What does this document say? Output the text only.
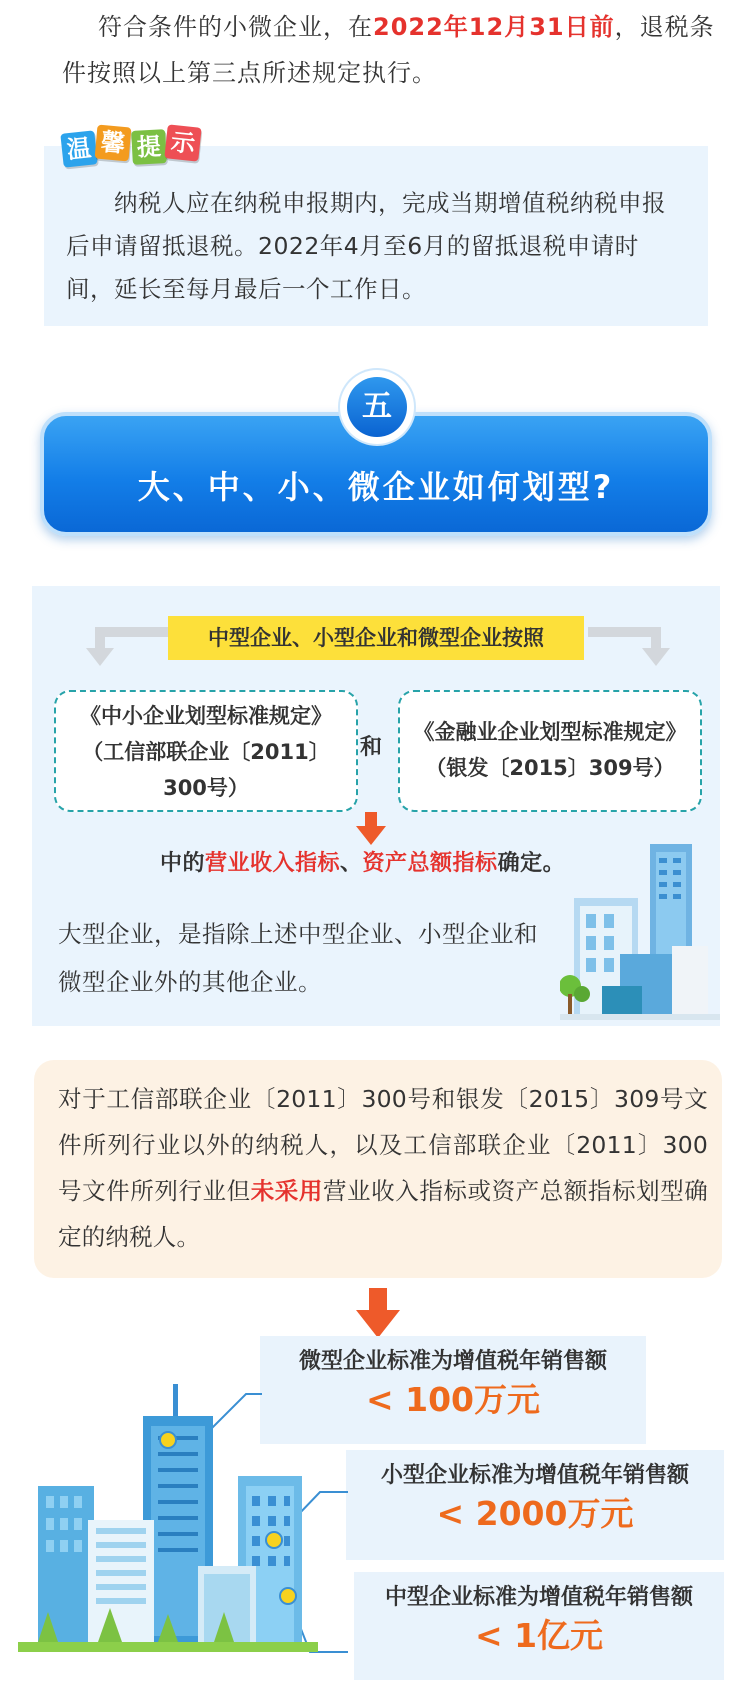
符合条件的小微企业，在2022年12月31日前，退税条件按照以上第三点所述规定执行。
纳税人应在纳税申报期内，完成当期增值税纳税申报后申请留抵退税。2022年4月至6月的留抵退税申请时间，延长至每月最后一个工作日。
温 馨 提 示
大、中、小、微企业如何划型?
五
中型企业、小型企业和微型企业按照
《中小企业划型标准规定》
（工信部联企业〔2011〕
300号）
和
《金融业企业划型标准规定》
（银发〔2015〕309号）
中的营业收入指标、资产总额指标确定。
大型企业，是指除上述中型企业、小型企业和微型企业外的其他企业。
对于工信部联企业〔2011〕300号和银发〔2015〕309号文件所列行业以外的纳税人，以及工信部联企业〔2011〕300号文件所列行业但未采用营业收入指标或资产总额指标划型确定的纳税人。
微型企业标准为增值税年销售额
< 100万元
小型企业标准为增值税年销售额
< 2000万元
中型企业标准为增值税年销售额
< 1亿元
